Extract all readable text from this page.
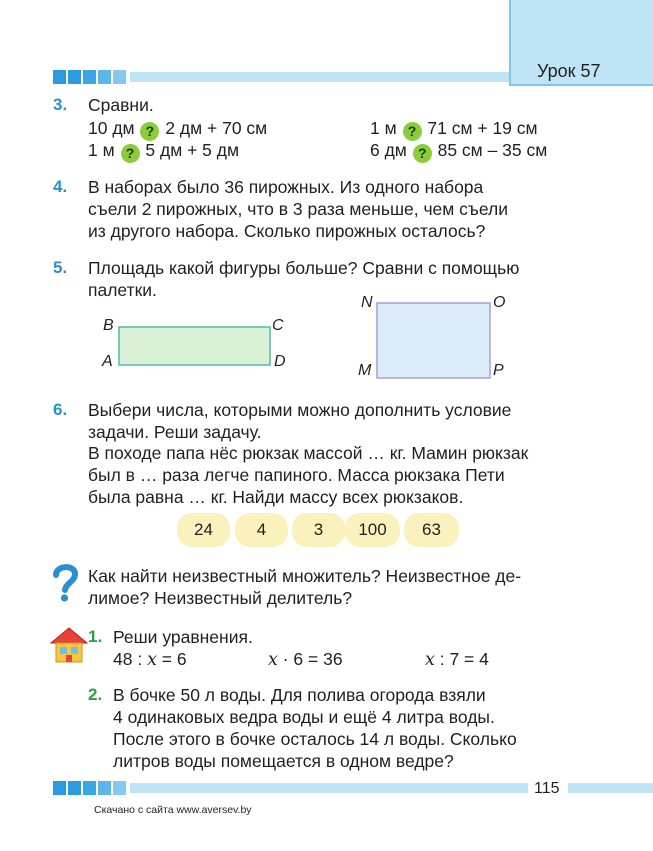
Урок 57
3. Сравни.
10 дм ? 2 дм + 70 см	1 м ? 71 см + 19 см
1 м ? 5 дм + 5 дм	6 дм ? 85 см – 35 см
4. В наборах было 36 пирожных. Из одного набора
съели 2 пирожных, что в 3 раза меньше, чем съели
из другого набора. Сколько пирожных осталось?
5. Площадь какой фигуры больше? Сравни с помощью
палетки.
B	C
A	D
N	O
M	P
6. Выбери числа, которыми можно дополнить условие
задачи. Реши задачу.
В походе папа нёс рюкзак массой … кг. Мамин рюкзак
был в … раза легче папиного. Масса рюкзака Пети
была равна … кг. Найди массу всех рюкзаков.
24	4	3	100	63
Как найти неизвестный множитель? Неизвестное де-
лимое? Неизвестный делитель?
1. Реши уравнения.
48 : x = 6	x · 6 = 36	x : 7 = 4
2. В бочке 50 л воды. Для полива огорода взяли
4 одинаковых ведра воды и ещё 4 литра воды.
После этого в бочке осталось 14 л воды. Сколько
литров воды помещается в одном ведре?
115
Скачано с сайта www.aversev.by
